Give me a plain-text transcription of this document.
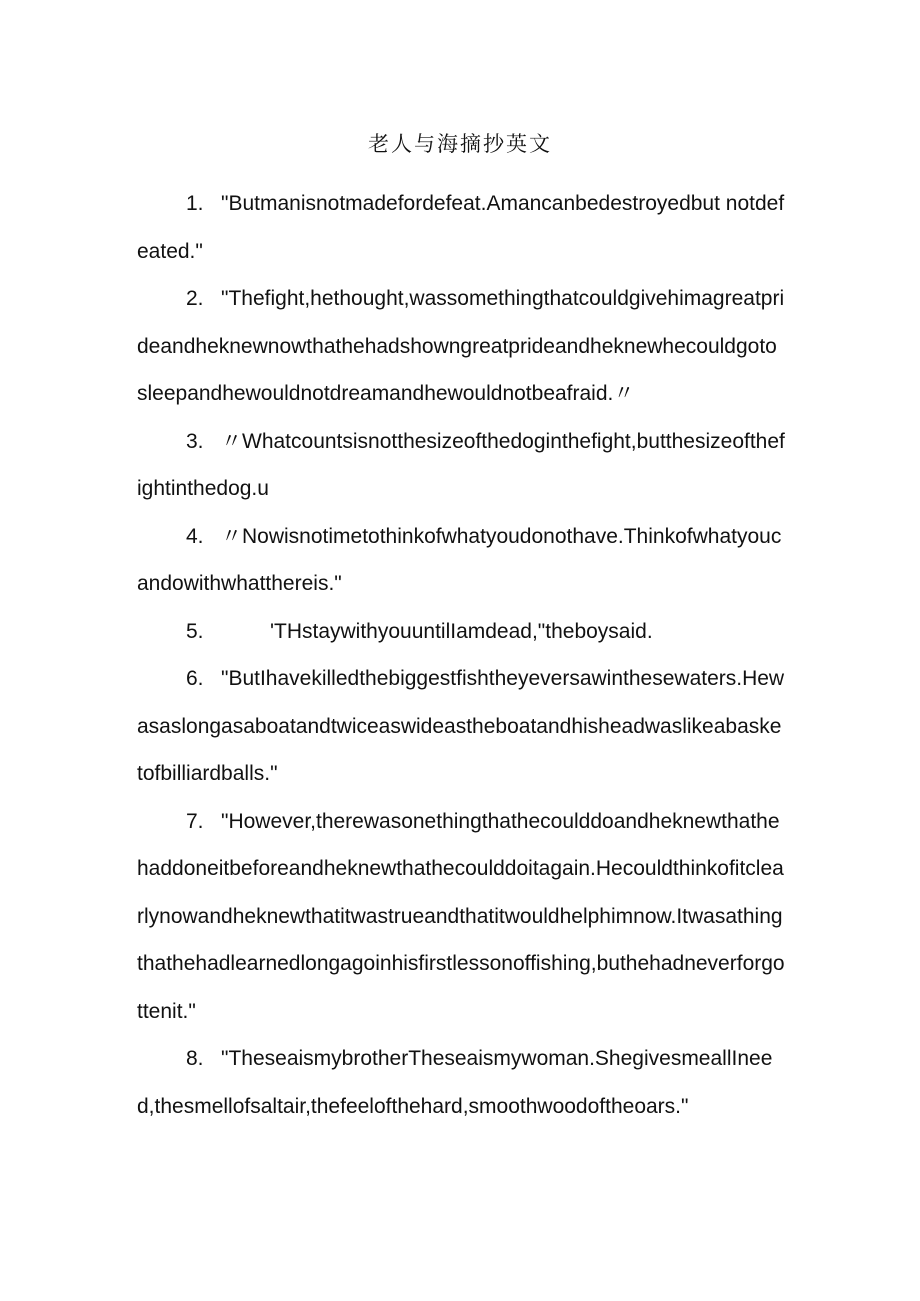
老人与海摘抄英文

1. "Butmanisnotmadefordefeat.Amancanbedestroyedbut notdefeated."

2. "Thefight,hethought,wassomethingthatcouldgivehimagreatprideandheknewnowthathehadshowngreatprideandheknewhecouldgotosleepandhewouldnotdreamandhewouldnotbeafraid.〃

3. 〃Whatcountsisnotthesizeofthedoginthefight,butthesizeofthefightinthedog.u

4. 〃Nowisnotimetothinkofwhatyoudonothave.Thinkofwhatyoucandowithwhatthereis."

5.	'THstaywithyouuntilIamdead,"theboysaid.

6. "ButIhavekilledthebiggestfishtheyeversawinthesewaters.Hewasaslongasaboatandtwiceaswideastheboatandhisheadwaslikeabasketofbilliardballs."

7. "However,therewasonethingthathecoulddoandheknewthathehaddoneitbeforeandheknewthathecoulddoitagain.Hecouldthinkofitclearlynowandheknewthatitwastrueandthatitwouldhelphimnow.Itwasathingthathehadlearnedlongagoinhisfirstlessonoffishing,buthehadneverforgottenit."

8. "TheseaismybrotherTheseaismywoman.ShegivesmeallIneed,thesmellofsaltair,thefeelofthehard,smoothwoodoftheoars."
